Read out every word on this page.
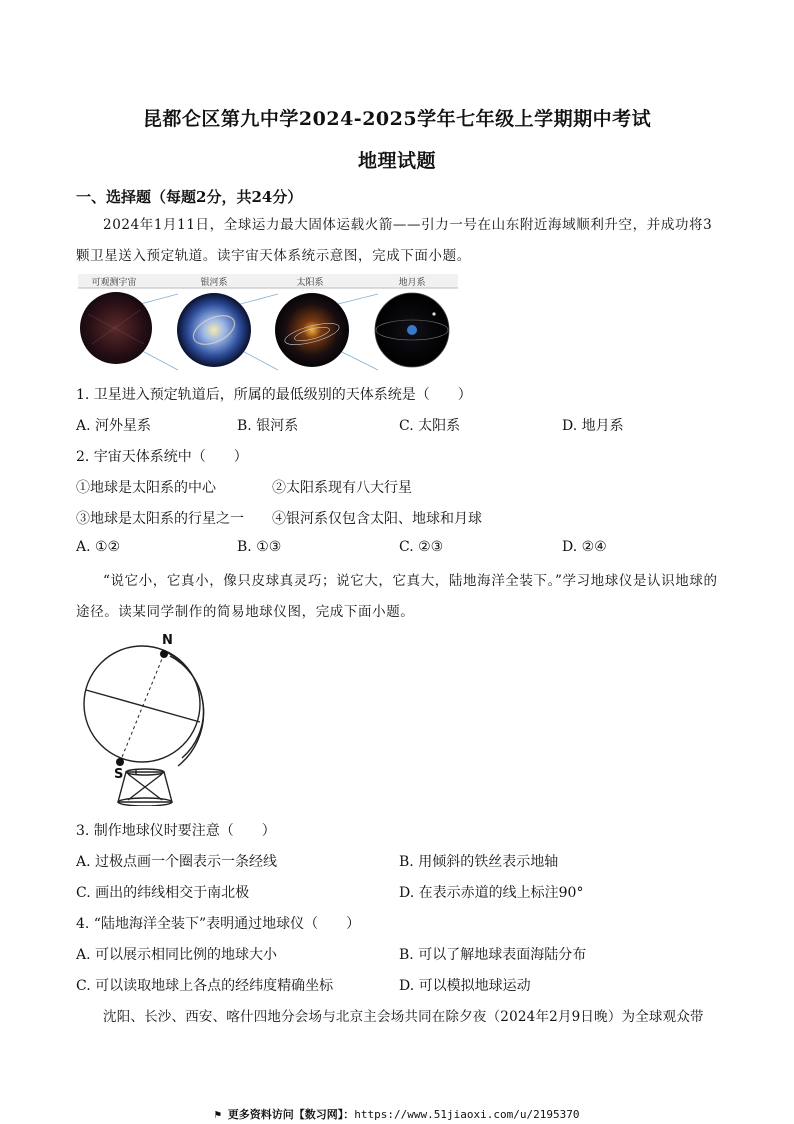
昆都仑区第九中学2024-2025学年七年级上学期期中考试
地理试题
一、选择题（每题2分，共24分）
2024年1月11日，全球运力最大固体运载火箭——引力一号在山东附近海域顺利升空，并成功将3颗卫星送入预定轨道。读宇宙天体系统示意图，完成下面小题。
可观测宇宙	银河系	太阳系	地月系
1. 卫星进入预定轨道后，所属的最低级别的天体系统是（　　）
A. 河外星系	B. 银河系	C. 太阳系	D. 地月系
2. 宇宙天体系统中（　　）
①地球是太阳系的中心	②太阳系现有八大行星
③地球是太阳系的行星之一 ④银河系仅包含太阳、地球和月球
A. ①②	B. ①③	C. ②③	D. ②④
“说它小，它真小，像只皮球真灵巧；说它大，它真大，陆地海洋全装下。”学习地球仪是认识地球的途径。读某同学制作的简易地球仪图，完成下面小题。
N
S
3. 制作地球仪时要注意（　　）
A. 过极点画一个圈表示一条经线	B. 用倾斜的铁丝表示地轴
C. 画出的纬线相交于南北极	D. 在表示赤道的线上标注90°
4. “陆地海洋全装下”表明通过地球仪（　　）
A. 可以展示相同比例的地球大小	B. 可以了解地球表面海陆分布
C. 可以读取地球上各点的经纬度精确坐标	D. 可以模拟地球运动
沈阳、长沙、西安、喀什四地分会场与北京主会场共同在除夕夜（2024年2月9日晚）为全球观众带
⚑ 更多资料访问【数习网】：https://www.51jiaoxi.com/u/2195370
